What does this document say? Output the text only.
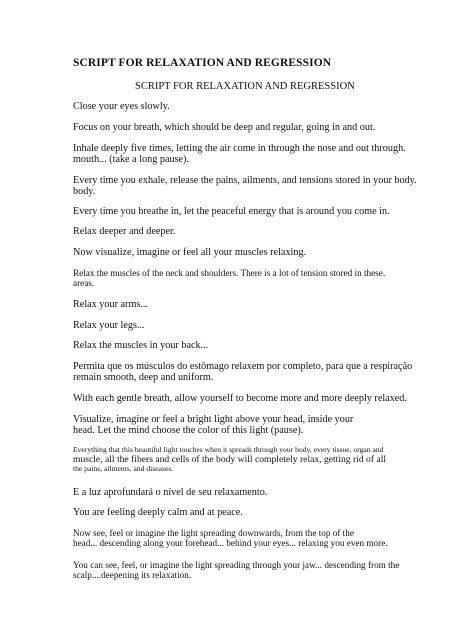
SCRIPT FOR RELAXATION AND REGRESSION
SCRIPT FOR RELAXATION AND REGRESSION
Close your eyes slowly.
Focus on your breath, which should be deep and regular, going in and out.
Inhale deeply five times, letting the air come in through the nose and out through.
mouth... (take a long pause).
Every time you exhale, release the pains, ailments, and tensions stored in your body.
body.
Every time you breathe in, let the peaceful energy that is around you come in.
Relax deeper and deeper.
Now visualize, imagine or feel all your muscles relaxing.
Relax the muscles of the neck and shoulders. There is a lot of tension stored in these.
areas.
Relax your arms...
Relax your legs...
Relax the muscles in your back...
Permita que os músculos do estômago relaxem por completo, para que a respiração
remain smooth, deep and uniform.
With each gentle breath, allow yourself to become more and more deeply relaxed.
Visualize, imagine or feel a bright light above your head, inside your
head. Let the mind choose the color of this light (pause).
Everything that this beautiful light touches when it spreads through your body, every tissue, organ and
muscle, all the fibers and cells of the body will completely relax, getting rid of all
the pains, ailments, and diseases.
E a luz aprofundará o nível de seu relaxamento.
You are feeling deeply calm and at peace.
Now see, feel or imagine the light spreading downwards, from the top of the
head... descending along your forehead... behind your eyes... relaxing you even more.
You can see, feel, or imagine the light spreading through your jaw... descending from the
scalp....deepening its relaxation.
